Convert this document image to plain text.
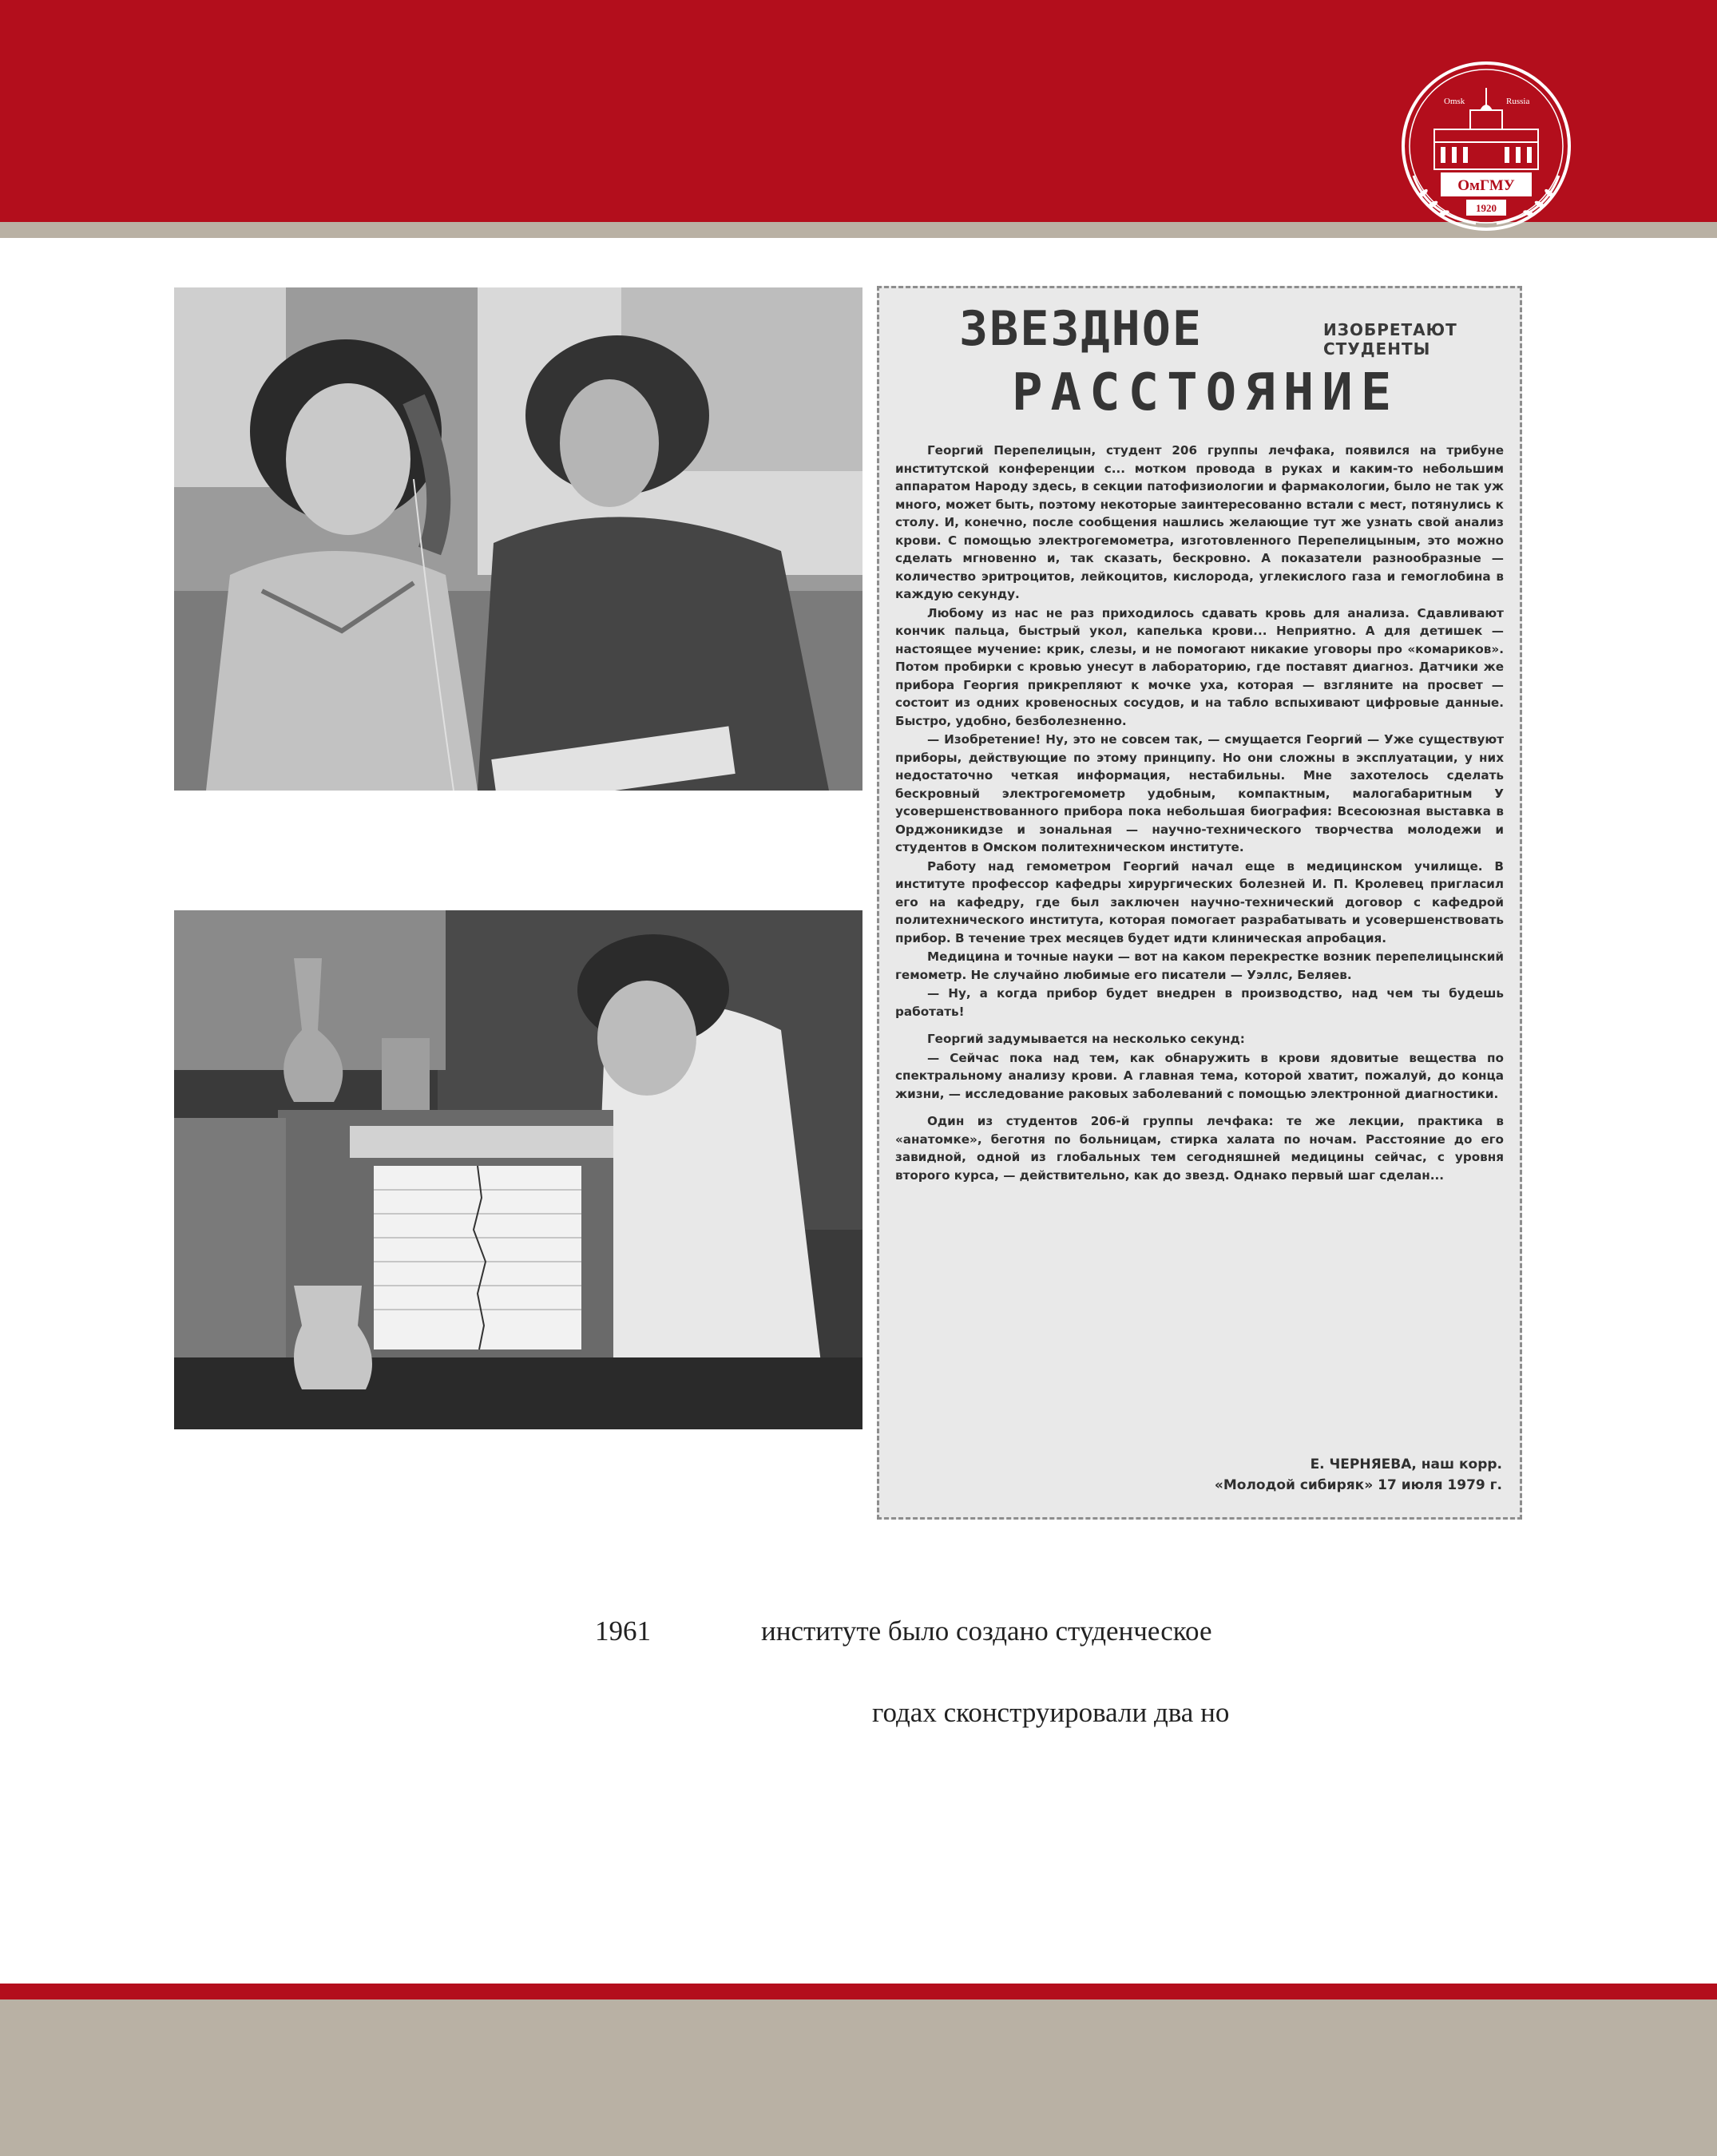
Omsk	Russia
ОмГМУ
1920
ЗВЕЗДНОЕ
РАССТОЯНИЕ
ИЗОБРЕТАЮТ СТУДЕНТЫ

Георгий Перепелицын, студент 206 группы лечфака, появился на трибуне институтской конференции с... мотком провода в руках и каким-то небольшим аппаратом Народу здесь, в секции патофизиологии и фармакологии, было не так уж много, может быть, поэтому некоторые заинтересованно встали с мест, потянулись к столу. И, конечно, после сообщения нашлись желающие тут же узнать свой анализ крови. С помощью электрогемометра, изготовленного Перепелицыным, это можно сделать мгновенно и, так сказать, бескровно. А показатели разнообразные — количество эритроцитов, лейкоцитов, кислорода, углекислого газа и гемоглобина в каждую секунду.

Любому из нас не раз приходилось сдавать кровь для анализа. Сдавливают кончик пальца, быстрый укол, капелька крови... Неприятно. А для детишек — настоящее мучение: крик, слезы, и не помогают никакие уговоры про «комариков». Потом пробирки с кровью унесут в лабораторию, где поставят диагноз. Датчики же прибора Георгия прикрепляют к мочке уха, которая — взгляните на просвет — состоит из одних кровеносных сосудов, и на табло вспыхивают цифровые данные. Быстро, удобно, безболезненно.

— Изобретение! Ну, это не совсем так, — смущается Георгий — Уже существуют приборы, действующие по этому принципу. Но они сложны в эксплуатации, у них недостаточно четкая информация, нестабильны. Мне захотелось сделать бескровный электрогемометр удобным, компактным, малогабаритным У усовершенствованного прибора пока небольшая биография: Всесоюзная выставка в Орджоникидзе и зональная — научно-технического творчества молодежи и студентов в Омском политехническом институте.

Работу над гемометром Георгий начал еще в медицинском училище. В институте профессор кафедры хирургических болезней И. П. Кролевец пригласил его на кафедру, где был заключен научно-технический договор с кафедрой политехнического института, которая помогает разрабатывать и усовершенствовать прибор. В течение трех месяцев будет идти клиническая апробация.

Медицина и точные науки — вот на каком перекрестке возник перепелицынский гемометр. Не случайно любимые его писатели — Уэллс, Беляев.

— Ну, а когда прибор будет внедрен в производство, над чем ты будешь работать!

Георгий задумывается на несколько секунд:

— Сейчас пока над тем, как обнаружить в крови ядовитые вещества по спектральному анализу крови. А главная тема, которой хватит, пожалуй, до конца жизни, — исследование раковых заболеваний с помощью электронной диагностики.

Один из студентов 206-й группы лечфака: те же лекции, практика в «анатомке», беготня по больницам, стирка халата по ночам. Расстояние до его завидной, одной из глобальных тем сегодняшней медицины сейчас, с уровня второго курса, — действительно, как до звезд. Однако первый шаг сделан...

Е. ЧЕРНЯЕВА, наш корр.
«Молодой сибиряк» 17 июля 1979 г.
1961	институте было создано студенческое
годах сконструировали два но
